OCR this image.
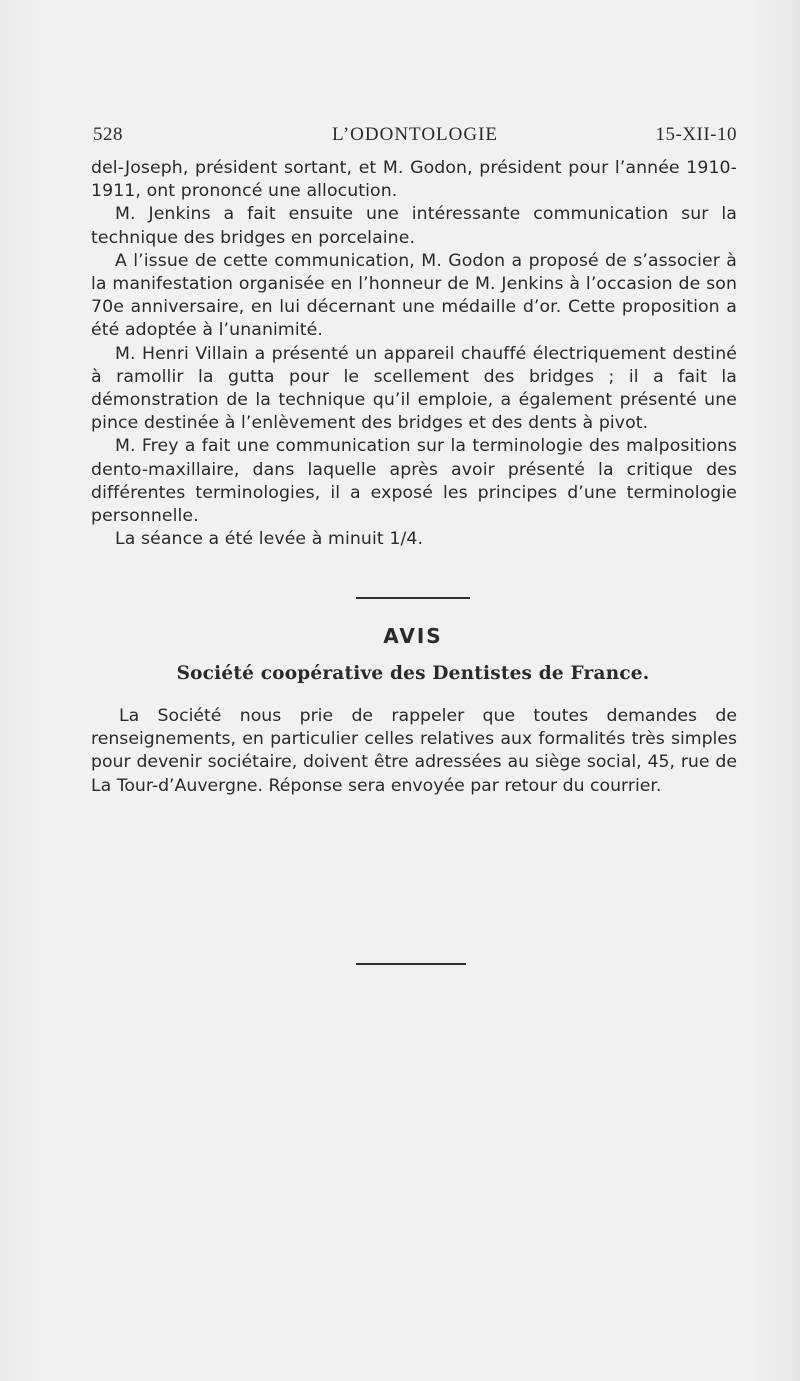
528	L’ODONTOLOGIE	15-XII-10

del-Joseph, président sortant, et M. Godon, président pour l’année 1910-1911, ont prononcé une allocution.

M. Jenkins a fait ensuite une intéressante communication sur la technique des bridges en porcelaine.

A l’issue de cette communication, M. Godon a proposé de s’associer à la manifestation organisée en l’honneur de M. Jenkins à l’occasion de son 70e anniversaire, en lui décernant une médaille d’or. Cette proposition a été adoptée à l’unanimité.

M. Henri Villain a présenté un appareil chauffé électriquement destiné à ramollir la gutta pour le scellement des bridges ; il a fait la démonstration de la technique qu’il emploie, a également présenté une pince destinée à l’enlèvement des bridges et des dents à pivot.

M. Frey a fait une communication sur la terminologie des malpositions dento-maxillaire, dans laquelle après avoir présenté la critique des différentes terminologies, il a exposé les principes d’une terminologie personnelle.

La séance a été levée à minuit 1/4.

AVIS
Société coopérative des Dentistes de France.

La Société nous prie de rappeler que toutes demandes de renseignements, en particulier celles relatives aux formalités très simples pour devenir sociétaire, doivent être adressées au siège social, 45, rue de La Tour-d’Auvergne. Réponse sera envoyée par retour du courrier.
